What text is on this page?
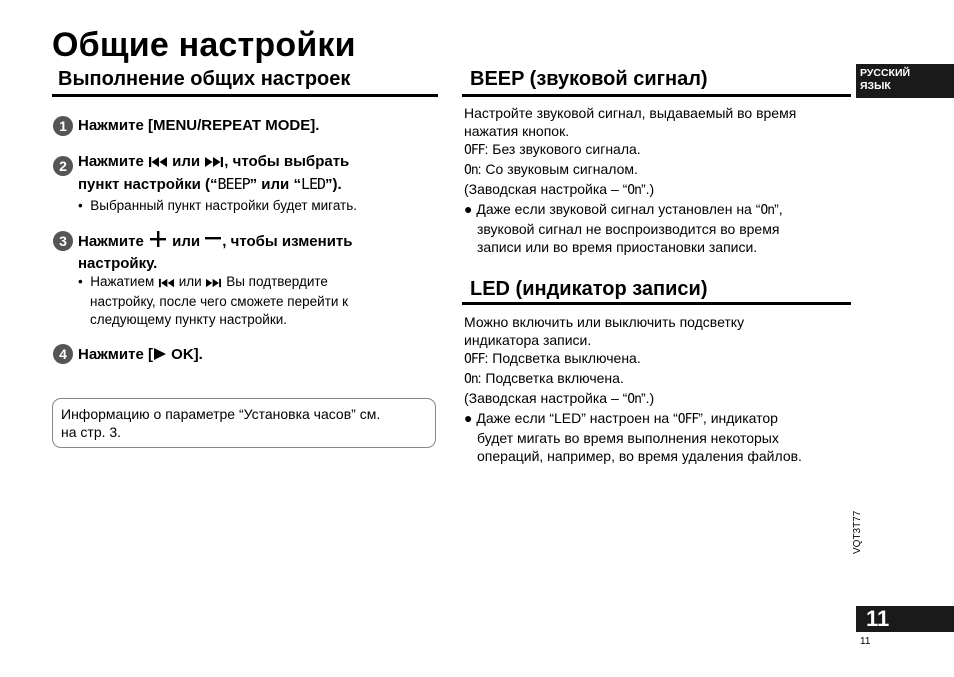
Общие настройки
РУССКИЙ
ЯЗЫК
Выполнение общих настроек
1 Нажмите [MENU/REPEAT MODE].
2 Нажмите  или , чтобы выбрать
пункт настройки (“BEEP” или “LED”).
•  Выбранный пункт настройки будет мигать.
3 Нажмите  или , чтобы изменить
настройку.
•  Нажатием  или  Вы подтвердите
настройку, после чего сможете перейти к
следующему пункту настройки.
4 Нажмите [ OK].
Информацию о параметре “Установка часов” см.
на стр. 3.
BEEP (звуковой сигнал)
Настройте звуковой сигнал, выдаваемый во время
нажатия кнопок.
OFF: Без звукового сигнала.
On: Со звуковым сигналом.
(Заводская настройка – “On”.)
● Даже если звуковой сигнал установлен на “On”,
звуковой сигнал не воспроизводится во время
записи или во время приостановки записи.
LED (индикатор записи)
Можно включить или выключить подсветку
индикатора записи.
OFF: Подсветка выключена.
On: Подсветка включена.
(Заводская настройка – “On”.)
● Даже если “LED” настроен на “OFF”, индикатор
будет мигать во время выполнения некоторых
операций, например, во время удаления файлов.
VQT3T77
11
11
